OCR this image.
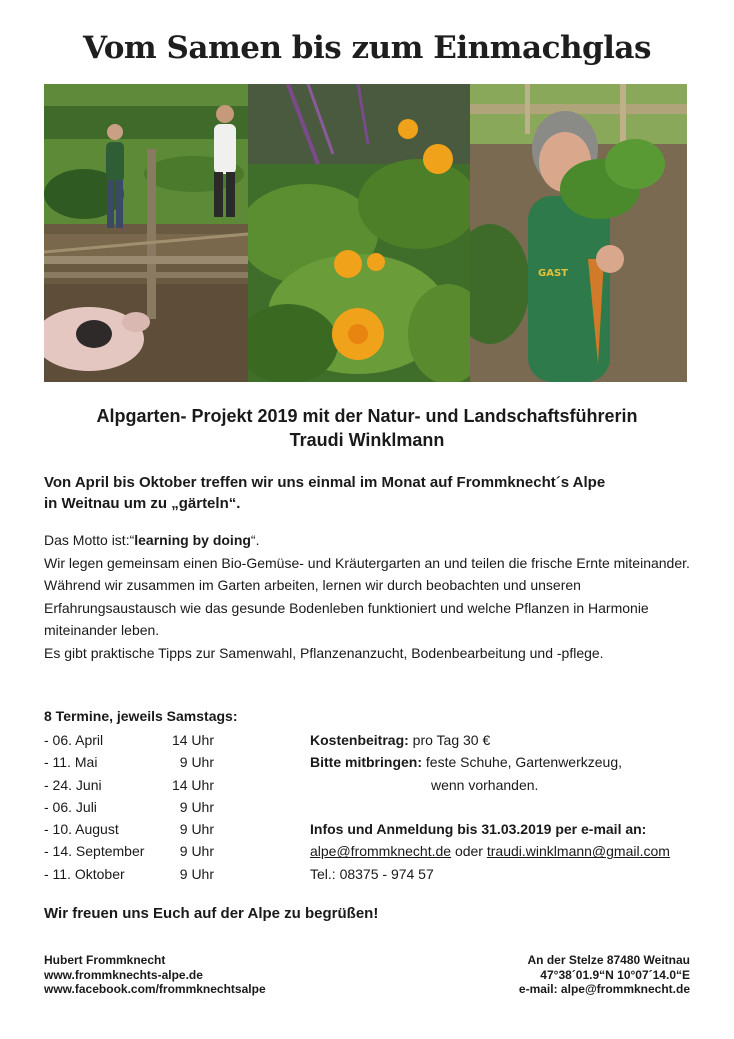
Vom Samen bis zum Einmachglas
GAST
Alpgarten- Projekt 2019 mit der Natur- und Landschaftsführerin
Traudi Winklmann
Von April bis Oktober treffen wir uns einmal im Monat auf Frommknecht´s Alpe
in Weitnau um zu „gärteln“.

Das Motto ist:“learning by doing“.

Wir legen gemeinsam einen Bio-Gemüse- und Kräutergarten an und teilen die frische Ernte miteinander.

Während wir zusammen im Garten arbeiten, lernen wir durch beobachten und unseren Erfahrungsaustausch wie das gesunde Bodenleben funktioniert und welche Pflanzen in Harmonie miteinander leben.

Es gibt praktische Tipps zur Samenwahl, Pflanzenanzucht, Bodenbearbeitung und -pflege.

8 Termine, jeweils Samstags:
- 06. April	14 Uhr
- 11. Mai	9 Uhr
- 24. Juni	14 Uhr
- 06. Juli	9 Uhr
- 10. August	9 Uhr
- 14. September	9 Uhr
- 11. Oktober	9 Uhr
Kostenbeitrag: pro Tag 30 €
Bitte mitbringen: feste Schuhe, Gartenwerkzeug,
wenn vorhanden.
Infos und Anmeldung bis 31.03.2019 per e-mail an:
alpe@frommknecht.de oder traudi.winklmann@gmail.com
Tel.: 08375 - 974 57
Wir freuen uns Euch auf der Alpe zu begrüßen!
Hubert Frommknecht
www.frommknechts-alpe.de
www.facebook.com/frommknechtsalpe
An der Stelze 87480 Weitnau
47°38´01.9“N 10°07´14.0“E
e-mail: alpe@frommknecht.de
